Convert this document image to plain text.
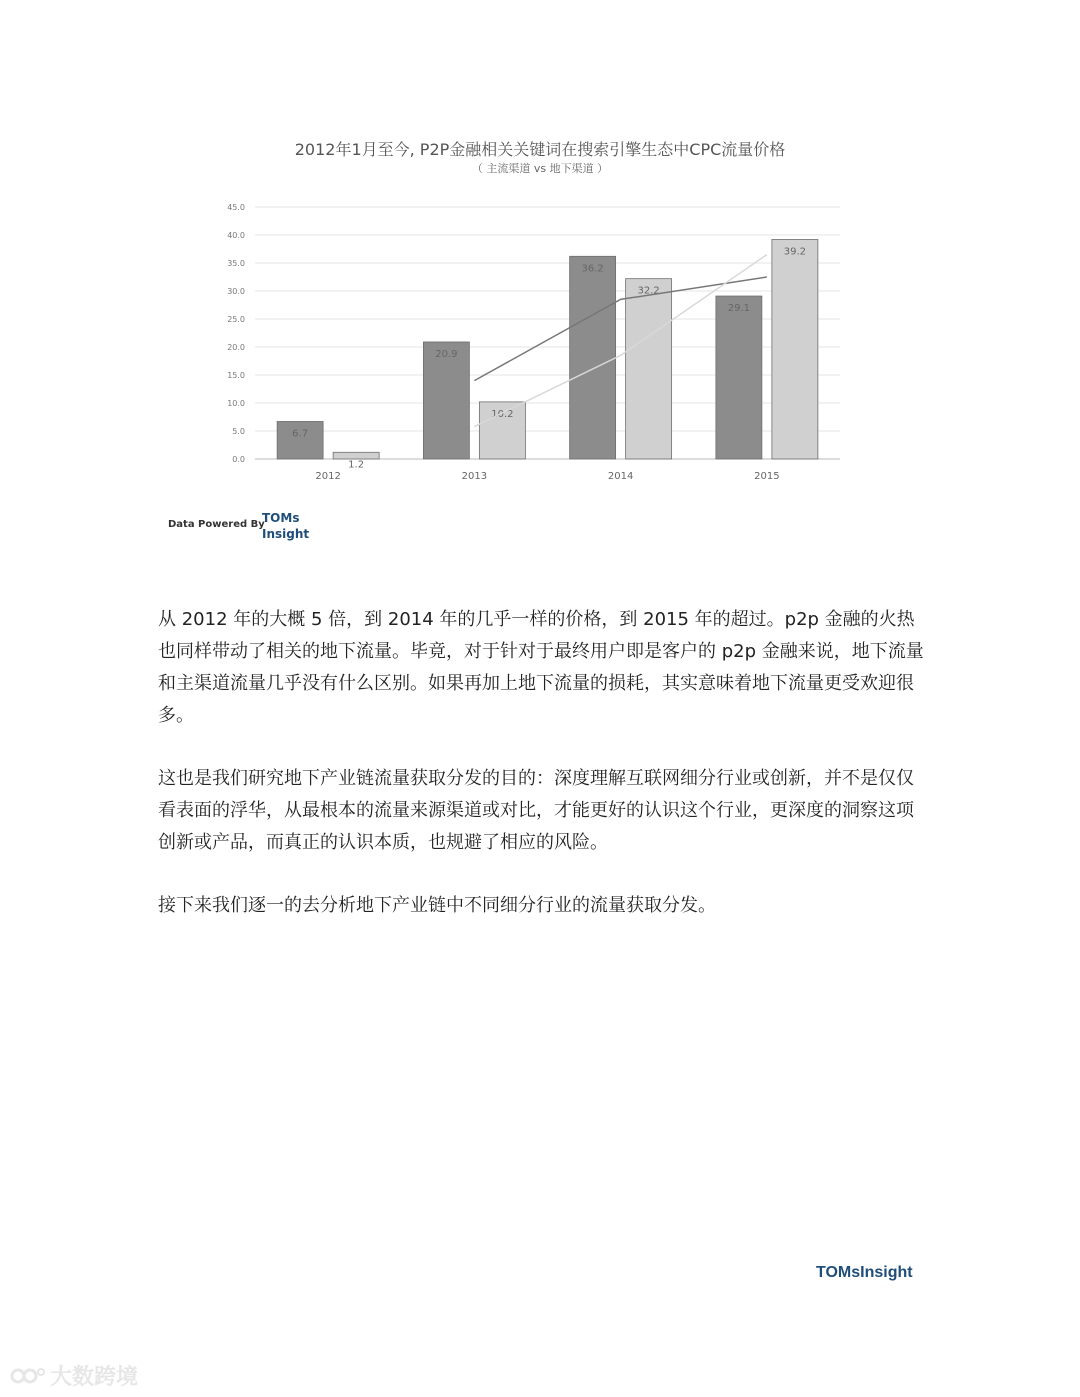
2012年1月至今, P2P金融相关关键词在搜索引擎生态中CPC流量价格
（ 主流渠道 vs 地下渠道 ）
0.0
5.0
10.0
15.0
20.0
25.0
30.0
35.0
40.0
45.0
2012	2013	2014	2015
6.7
20.9
36.2
29.1
1.2
10.2
32.2
39.2
Data Powered By
TOMs
Insight

从 2012 年的大概 5 倍，到 2014 年的几乎一样的价格，到 2015 年的超过。p2p 金融的火热也同样带动了相关的地下流量。毕竟，对于针对于最终用户即是客户的 p2p 金融来说，地下流量和主渠道流量几乎没有什么区别。如果再加上地下流量的损耗，其实意味着地下流量更受欢迎很多。

这也是我们研究地下产业链流量获取分发的目的：深度理解互联网细分行业或创新，并不是仅仅看表面的浮华，从最根本的流量来源渠道或对比，才能更好的认识这个行业，更深度的洞察这项创新或产品，而真正的认识本质，也规避了相应的风险。

接下来我们逐一的去分析地下产业链中不同细分行业的流量获取分发。

TOMsInsight
大数跨境
